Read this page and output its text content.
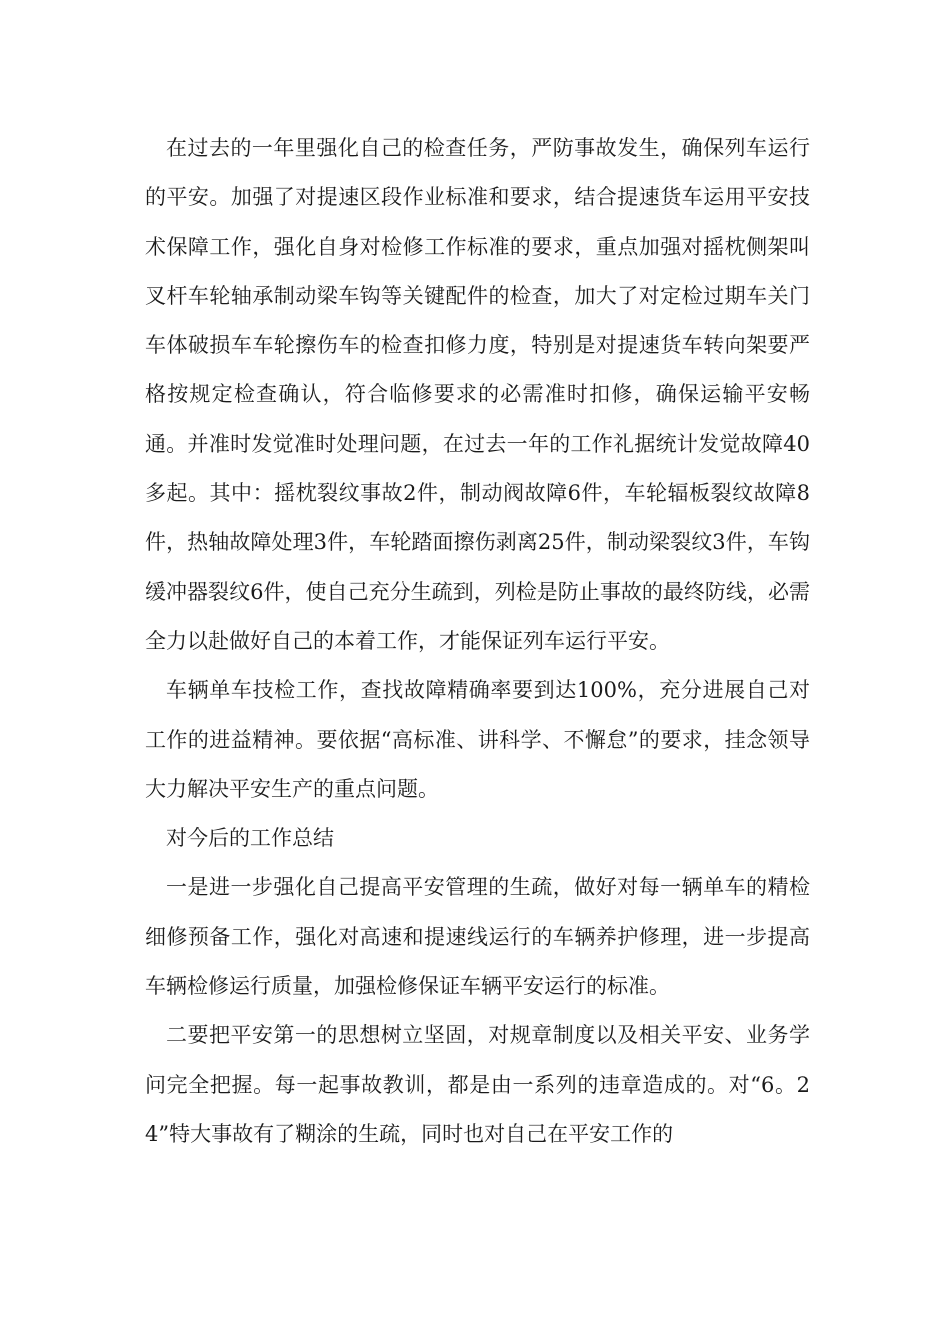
在过去的一年里强化自己的检查任务，严防事故发生，确保列车运行的平安。加强了对提速区段作业标准和要求，结合提速货车运用平安技术保障工作，强化自身对检修工作标准的要求，重点加强对摇枕侧架叫叉杆车轮轴承制动梁车钩等关键配件的检查，加大了对定检过期车关门车体破损车车轮擦伤车的检查扣修力度，特别是对提速货车转向架要严格按规定检查确认，符合临修要求的必需准时扣修，确保运输平安畅通。并准时发觉准时处理问题，在过去一年的工作礼据统计发觉故障40多起。其中：摇枕裂纹事故2件，制动阀故障6件，车轮辐板裂纹故障8件，热轴故障处理3件，车轮踏面擦伤剥离25件，制动梁裂纹3件，车钩缓冲器裂纹6件，使自己充分生疏到，列检是防止事故的最终防线，必需全力以赴做好自己的本着工作，才能保证列车运行平安。

车辆单车技检工作，查找故障精确率要到达100%，充分进展自己对工作的进益精神。要依据“高标准、讲科学、不懈怠”的要求，挂念领导大力解决平安生产的重点问题。

对今后的工作总结

一是进一步强化自己提高平安管理的生疏，做好对每一辆单车的精检细修预备工作，强化对高速和提速线运行的车辆养护修理，进一步提高车辆检修运行质量，加强检修保证车辆平安运行的标准。

二要把平安第一的思想树立坚固，对规章制度以及相关平安、业务学问完全把握。每一起事故教训，都是由一系列的违章造成的。对“6。24”特大事故有了糊涂的生疏，同时也对自己在平安工作的
